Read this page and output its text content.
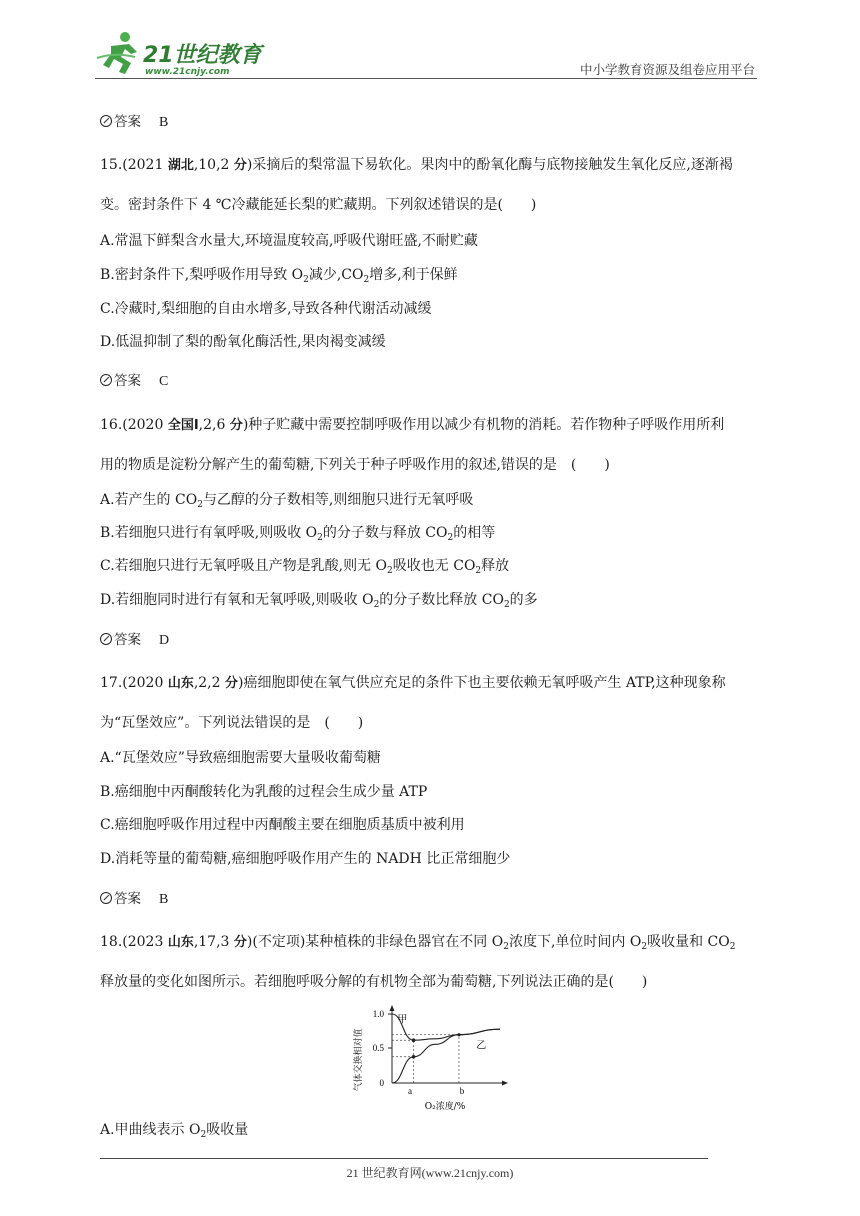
21世纪教育
www.21cnjy.com	中小学教育资源及组卷应用平台
答案 B
15.(2021 湖北,10,2 分)采摘后的梨常温下易软化。果肉中的酚氧化酶与底物接触发生氧化反应,逐渐褐
变。密封条件下 4 ℃冷藏能延长梨的贮藏期。下列叙述错误的是(　　)
A.常温下鲜梨含水量大,环境温度较高,呼吸代谢旺盛,不耐贮藏
B.密封条件下,梨呼吸作用导致 $O_2$减少$,CO_2$增多,利于保鲜
C.冷藏时,梨细胞的自由水增多,导致各种代谢活动减缓
D.低温抑制了梨的酚氧化酶活性,果肉褐变减缓
答案 C
16.(2020 全国Ⅰ,2,6 分)种子贮藏中需要控制呼吸作用以减少有机物的消耗。若作物种子呼吸作用所利
用的物质是淀粉分解产生的葡萄糖,下列关于种子呼吸作用的叙述,错误的是　(　　)
A.若产生的 $CO_2$与乙醇的分子数相等,则细胞只进行无氧呼吸
B.若细胞只进行有氧呼吸,则吸收 $O_2$的分子数与释放 $CO_2$的相等
C.若细胞只进行无氧呼吸且产物是乳酸,则无 $O_2$吸收也无 $CO_2$释放
D.若细胞同时进行有氧和无氧呼吸,则吸收 $O_2$的分子数比释放 $CO_2$的多
答案 D
17.(2020 山东,2,2 分)癌细胞即使在氧气供应充足的条件下也主要依赖无氧呼吸产生 ATP,这种现象称
为“瓦堡效应”。下列说法错误的是　(　　)
A.“瓦堡效应”导致癌细胞需要大量吸收葡萄糖
B.癌细胞中丙酮酸转化为乳酸的过程会生成少量 ATP
C.癌细胞呼吸作用过程中丙酮酸主要在细胞质基质中被利用
D.消耗等量的葡萄糖,癌细胞呼吸作用产生的 NADH 比正常细胞少
答案 B
18.(2023 山东,17,3 分)(不定项)某种植株的非绿色器官在不同 $O_2$浓度下,单位时间内 $O_2$吸收量和 $CO_2$
释放量的变化如图所示。若细胞呼吸分解的有机物全部为葡萄糖,下列说法正确的是(　　)
A.甲曲线表示 $O_2$吸收量
气体交换相对值 0
0.5
1.0
甲
乙
a	b
O₂浓度/%
21 世纪教育网(www.21cnjy.com)
